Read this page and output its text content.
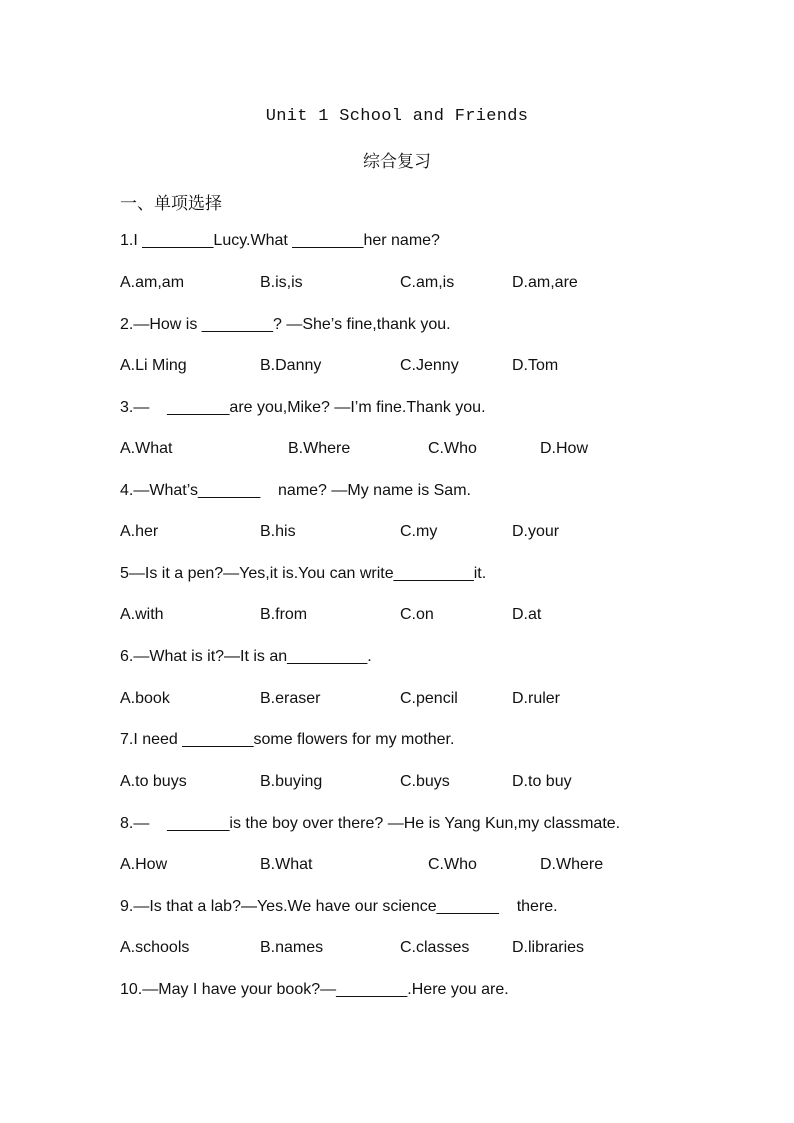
Unit 1 School and Friends
综合复习
一、单项选择
1.I ________Lucy.What ________her name?
A.am,am	B.is,is	C.am,is	D.am,are
2.—How is ________? —She’s fine,thank you.
A.Li Ming	B.Danny	C.Jenny	D.Tom
3.—    _______are you,Mike? —I’m fine.Thank you.
A.What	B.Where	C.Who	D.How
4.—What’s_______    name? —My name is Sam.
A.her	B.his	C.my	D.your
5—Is it a pen?—Yes,it is.You can write_________it.
A.with	B.from	C.on	D.at
6.—What is it?—It is an_________.
A.book	B.eraser	C.pencil	D.ruler
7.I need ________some flowers for my mother.
A.to buys	B.buying	C.buys	D.to buy
8.—    _______is the boy over there? —He is Yang Kun,my classmate.
A.How	B.What	C.Who	D.Where
9.—Is that a lab?—Yes.We have our science_______    there.
A.schools	B.names	C.classes	D.libraries
10.—May I have your book?—________.Here you are.
